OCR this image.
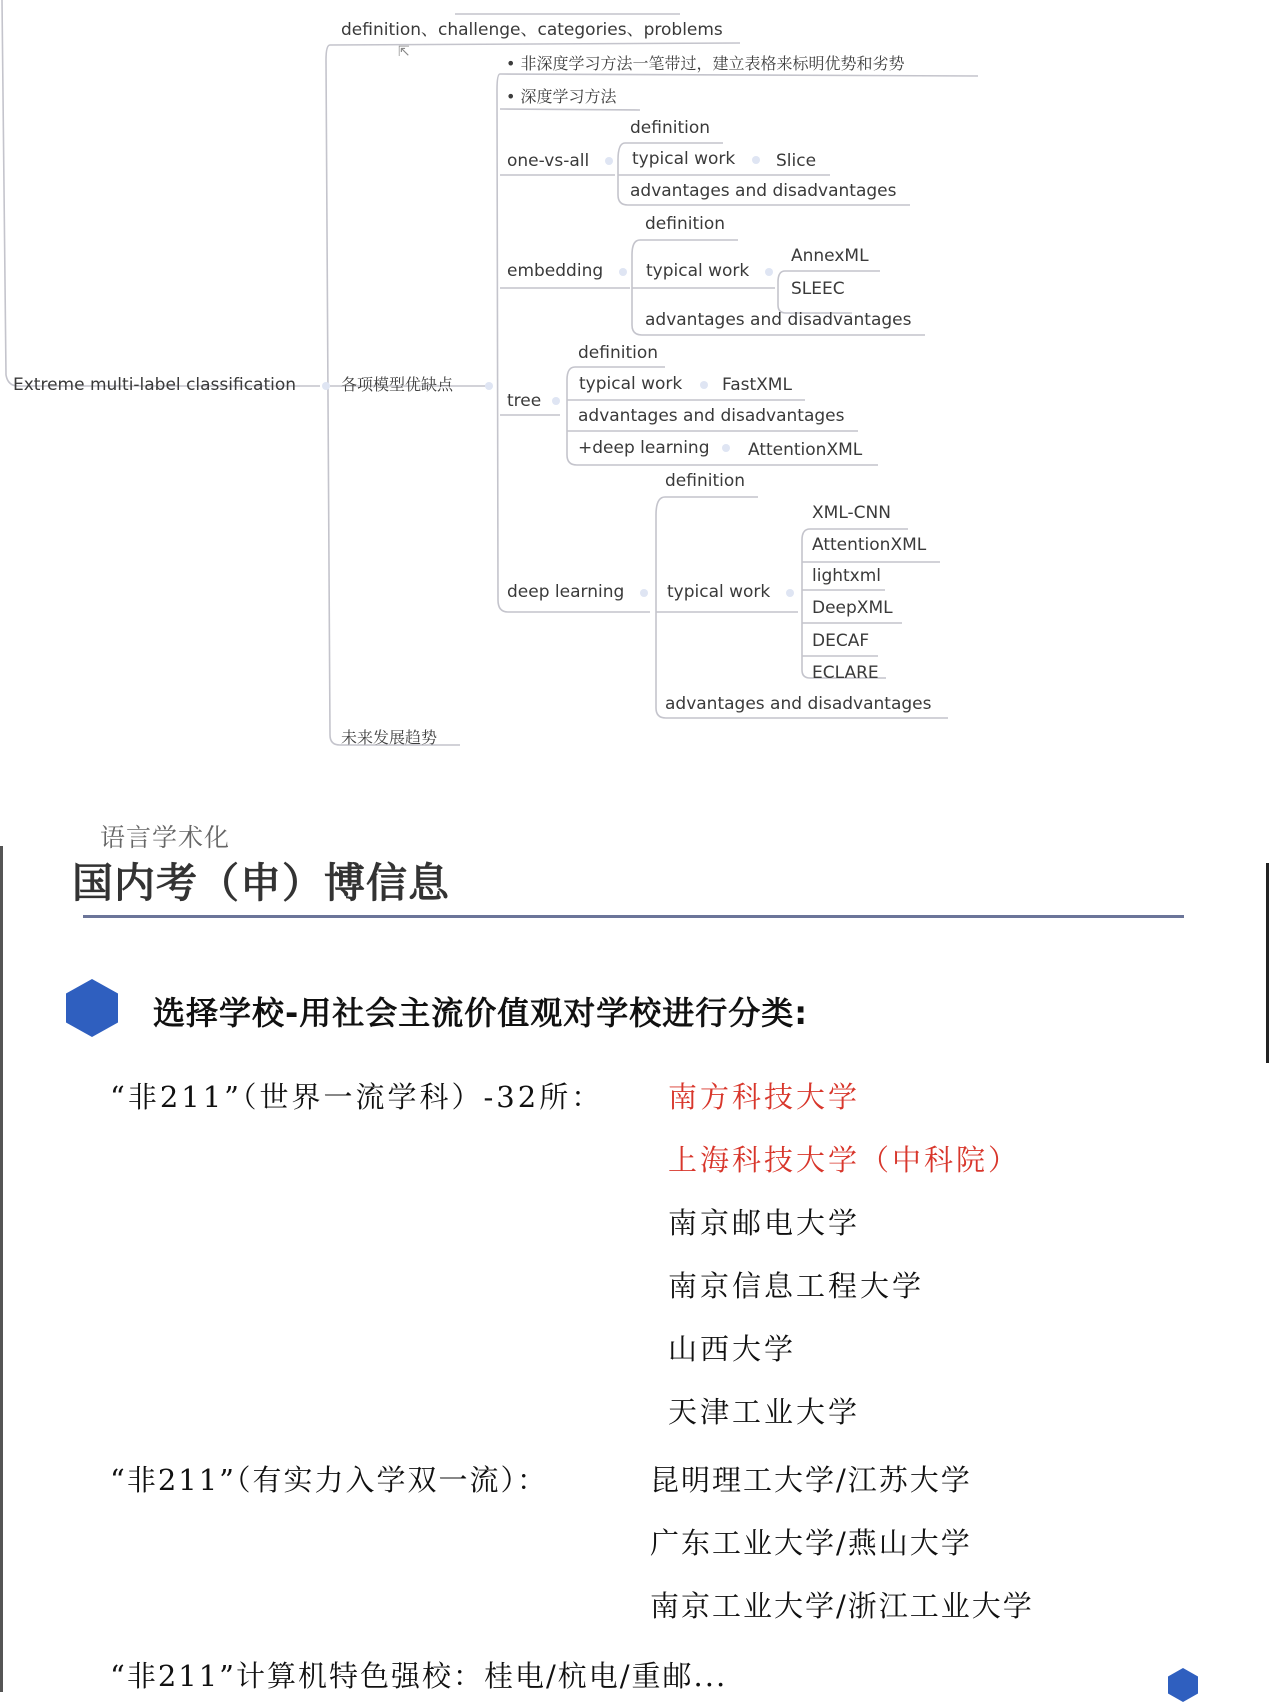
⇱
Extreme multi-label classification
definition、challenge、categories、problems
各项模型优缺点
未来发展趋势
• 非深度学习方法一笔带过，建立表格来标明优势和劣势
• 深度学习方法
one-vs-all
definition
typical work Slice
advantages and disadvantages
embedding
definition
typical work
AnnexML
SLEEC
advantages and disadvantages
tree
definition
typical work FastXML
advantages and disadvantages
+deep learning AttentionXML
deep learning
definition
typical work
XML-CNN
AttentionXML
lightxml
DeepXML
DECAF
ECLARE
advantages and disadvantages
语言学术化
国内考（申）博信息
选择学校-用社会主流价值观对学校进行分类:
“非211”（世界一流学科）-32所： 南方科技大学
上海科技大学（中科院）
南京邮电大学
南京信息工程大学
山西大学
天津工业大学
“非211”（有实力入学双一流）：	昆明理工大学/江苏大学
广东工业大学/燕山大学
南京工业大学/浙江工业大学
“非211”计算机特色强校：桂电/杭电/重邮...
